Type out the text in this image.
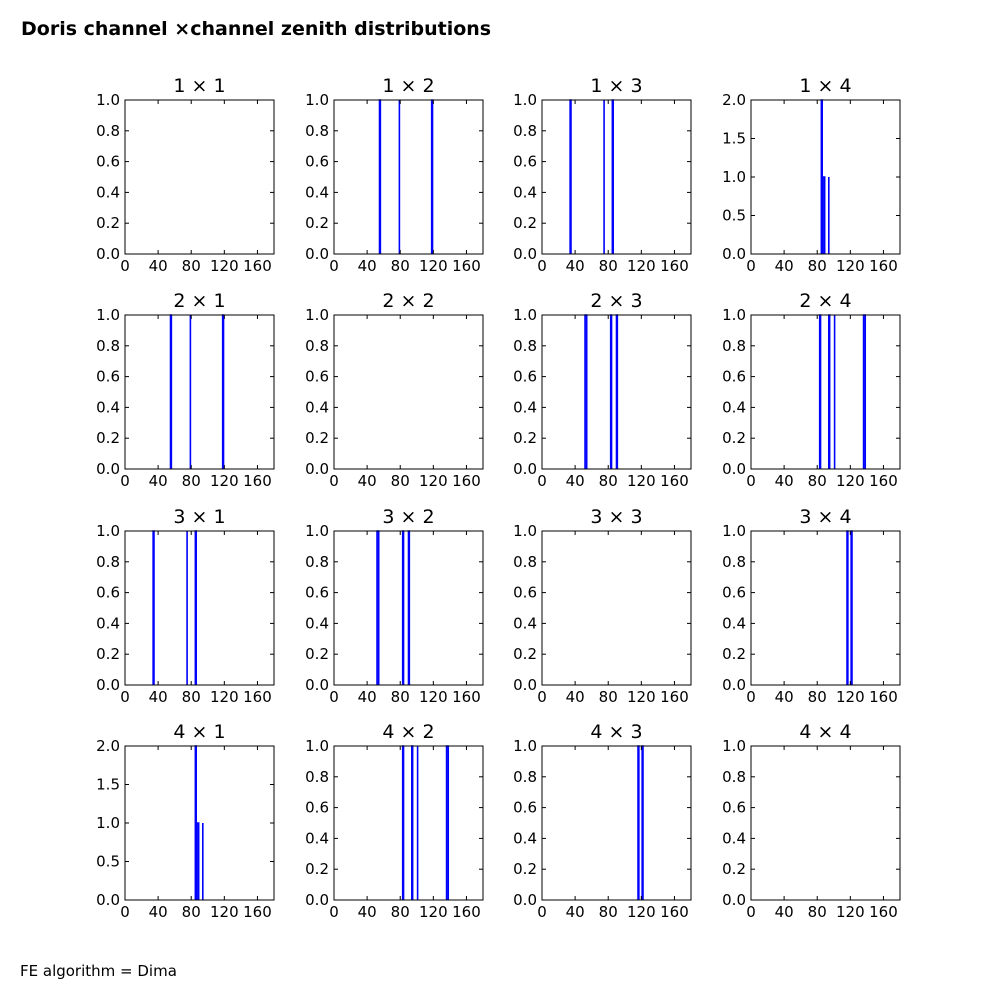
Doris channel ×channel zenith distributions
1 × 1
0 40 80 120 160
0.0
0.2
0.4
0.6
0.8
1.0
1 × 2
0 40 80 120 160
0.0
0.2
0.4
0.6
0.8
1.0
1 × 3
0 40 80 120 160
0.0
0.2
0.4
0.6
0.8
1.0
1 × 4
0 40 80 120 160
0.0
0.5
1.0
1.5
2.0
2 × 1
0 40 80 120 160
0.0
0.2
0.4
0.6
0.8
1.0
2 × 2
0 40 80 120 160
0.0
0.2
0.4
0.6
0.8
1.0
2 × 3
0 40 80 120 160
0.0
0.2
0.4
0.6
0.8
1.0
2 × 4
0 40 80 120 160
0.0
0.2
0.4
0.6
0.8
1.0
3 × 1
0 40 80 120 160
0.0
0.2
0.4
0.6
0.8
1.0
3 × 2
0 40 80 120 160
0.0
0.2
0.4
0.6
0.8
1.0
3 × 3
0 40 80 120 160
0.0
0.2
0.4
0.6
0.8
1.0
3 × 4
0 40 80 120 160
0.0
0.2
0.4
0.6
0.8
1.0
4 × 1
0 40 80 120 160
0.0
0.5
1.0
1.5
2.0
4 × 2
0 40 80 120 160
0.0
0.2
0.4
0.6
0.8
1.0
4 × 3
0 40 80 120 160
0.0
0.2
0.4
0.6
0.8
1.0
4 × 4
0 40 80 120 160
0.0
0.2
0.4
0.6
0.8
1.0
FE algorithm = Dima
